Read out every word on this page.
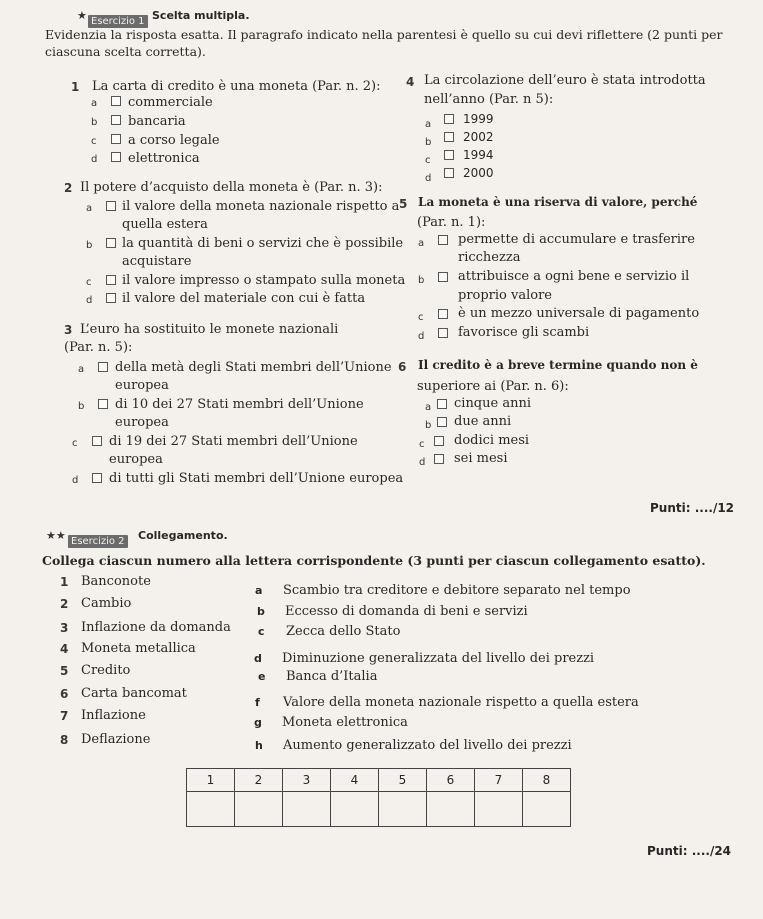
★ Esercizio 1 Scelta multipla.
Evidenzia la risposta esatta. Il paragrafo indicato nella parentesi è quello su cui devi riflettere (2 punti per
ciascuna scelta corretta).
1 La carta di credito è una moneta (Par. n. 2):
a commerciale
b bancaria
c a corso legale
d elettronica
2 Il potere d’acquisto della moneta è (Par. n. 3):
a il valore della moneta nazionale rispetto a
quella estera
b la quantità di beni o servizi che è possibile
acquistare
c il valore impresso o stampato sulla moneta
d il valore del materiale con cui è fatta
3 L’euro ha sostituito le monete nazionali
(Par. n. 5):
a della metà degli Stati membri dell’Unione
europea
b di 10 dei 27 Stati membri dell’Unione
europea
c di 19 dei 27 Stati membri dell’Unione
europea
d di tutti gli Stati membri dell’Unione europea
4 La circolazione dell’euro è stata introdotta
nell’anno (Par. n 5):
a	1999
b	2002
c	1994
d	2000
5 La moneta è una riserva di valore, perché
(Par. n. 1):
a	permette di accumulare e trasferire
ricchezza
b	attribuisce a ogni bene e servizio il
proprio valore
c	è un mezzo universale di pagamento
d	favorisce gli scambi
6 Il credito è a breve termine quando non è
superiore ai (Par. n. 6):
a cinque anni
b due anni
c dodici mesi
d sei mesi
Punti: ..../12
★★ Esercizio 2 Collegamento.
Collega ciascun numero alla lettera corrispondente (3 punti per ciascun collegamento esatto).
1 Banconote
2 Cambio
3 Inflazione da domanda
4 Moneta metallica
5 Credito
6 Carta bancomat
7 Inflazione
8 Deflazione
a Scambio tra creditore e debitore separato nel tempo
b Eccesso di domanda di beni e servizi
c Zecca dello Stato
d Diminuzione generalizzata del livello dei prezzi
e Banca d’Italia
f Valore della moneta nazionale rispetto a quella estera
g Moneta elettronica
h Aumento generalizzato del livello dei prezzi
1	2	3	4	5	6	7	8

Punti: ..../24
